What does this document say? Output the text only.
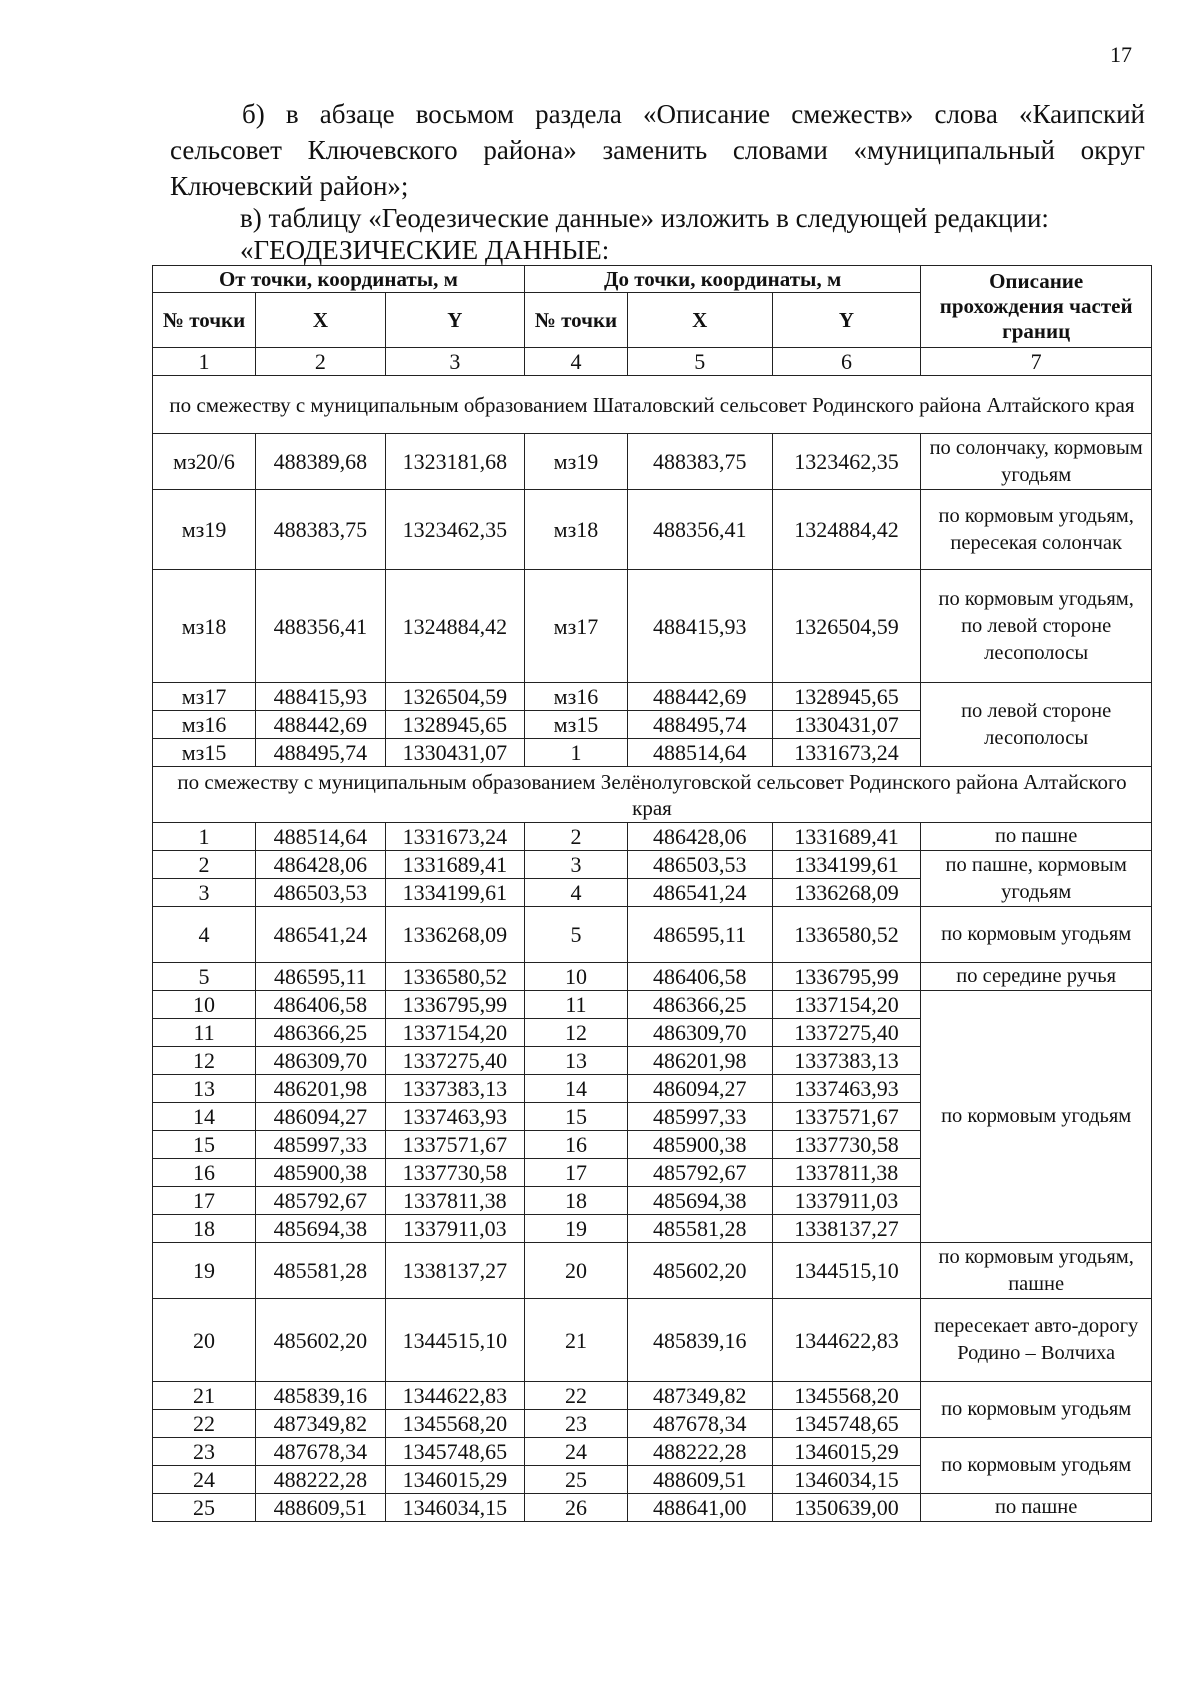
17
б) в абзаце восьмом раздела «Описание смежеств» слова «Каипский сельсовет Ключевского района» заменить словами «муниципальный округ Ключевский район»;
в) таблицу «Геодезические данные» изложить в следующей редакции:
«ГЕОДЕЗИЧЕСКИЕ ДАННЫЕ:
От точки, координаты, м			До точки, координаты, м			Описание прохождения частей границ
№ точки	X	Y	№ точки	X	Y	
1	2	3	4	5	6	7
по смежеству с муниципальным образованием Шаталовский сельсовет Родинского района Алтайского края						
мз20/6	488389,68	1323181,68	мз19	488383,75	1323462,35	по солончаку, кормовым угодьям
мз19	488383,75	1323462,35	мз18	488356,41	1324884,42	по кормовым угодьям, пересекая солончак
мз18	488356,41	1324884,42	мз17	488415,93	1326504,59	по кормовым угодьям, по левой стороне лесополосы
мз17	488415,93	1326504,59	мз16	488442,69	1328945,65	по левой стороне лесополосы
мз16	488442,69	1328945,65	мз15	488495,74	1330431,07	
мз15	488495,74	1330431,07	1	488514,64	1331673,24	
по смежеству с муниципальным образованием Зелёнолуговской сельсовет Родинского района Алтайского края						
1	488514,64	1331673,24	2	486428,06	1331689,41	по пашне
2	486428,06	1331689,41	3	486503,53	1334199,61	по пашне, кормовым угодьям
3	486503,53	1334199,61	4	486541,24	1336268,09	
4	486541,24	1336268,09	5	486595,11	1336580,52	по кормовым угодьям
5	486595,11	1336580,52	10	486406,58	1336795,99	по середине ручья
10	486406,58	1336795,99	11	486366,25	1337154,20	по кормовым угодьям
11	486366,25	1337154,20	12	486309,70	1337275,40	
12	486309,70	1337275,40	13	486201,98	1337383,13	
13	486201,98	1337383,13	14	486094,27	1337463,93	
14	486094,27	1337463,93	15	485997,33	1337571,67	
15	485997,33	1337571,67	16	485900,38	1337730,58	
16	485900,38	1337730,58	17	485792,67	1337811,38	
17	485792,67	1337811,38	18	485694,38	1337911,03	
18	485694,38	1337911,03	19	485581,28	1338137,27	
19	485581,28	1338137,27	20	485602,20	1344515,10	по кормовым угодьям, пашне
20	485602,20	1344515,10	21	485839,16	1344622,83	пересекает авто-дорогу Родино – Волчиха
21	485839,16	1344622,83	22	487349,82	1345568,20	по кормовым угодьям
22	487349,82	1345568,20	23	487678,34	1345748,65	
23	487678,34	1345748,65	24	488222,28	1346015,29	по кормовым угодьям
24	488222,28	1346015,29	25	488609,51	1346034,15	
25	488609,51	1346034,15	26	488641,00	1350639,00	по пашне
